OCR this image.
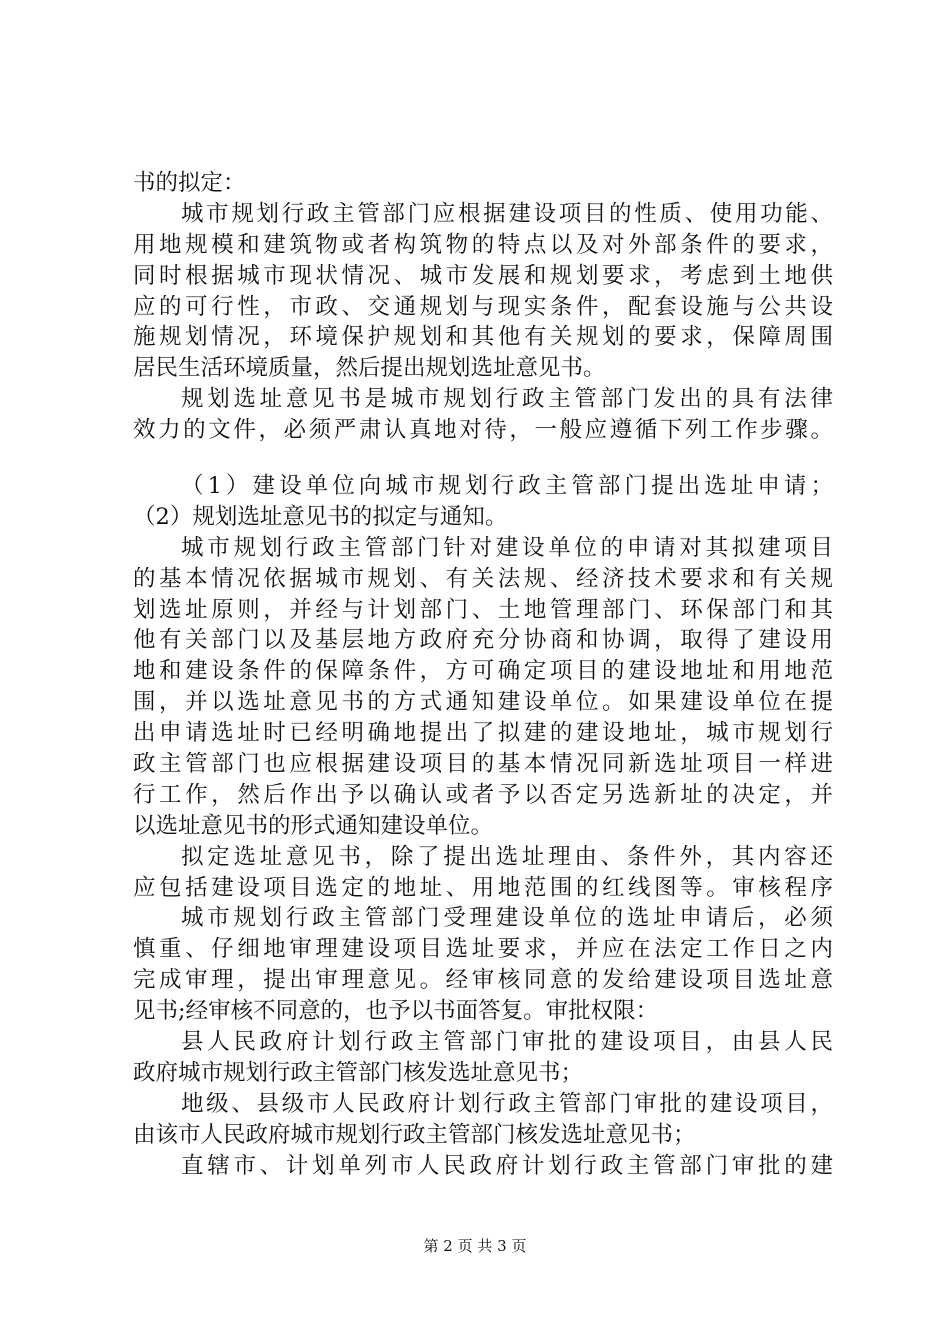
书的拟定：
城市规划行政主管部门应根据建设项目的性质、使用功能、
用地规模和建筑物或者构筑物的特点以及对外部条件的要求，
同时根据城市现状情况、城市发展和规划要求，考虑到土地供
应的可行性，市政、交通规划与现实条件，配套设施与公共设
施规划情况，环境保护规划和其他有关规划的要求，保障周围
居民生活环境质量，然后提出规划选址意见书。
规划选址意见书是城市规划行政主管部门发出的具有法律
效力的文件，必须严肃认真地对待，一般应遵循下列工作步骤。
（1）建设单位向城市规划行政主管部门提出选址申请；
（2）规划选址意见书的拟定与通知。
城市规划行政主管部门针对建设单位的申请对其拟建项目
的基本情况依据城市规划、有关法规、经济技术要求和有关规
划选址原则，并经与计划部门、土地管理部门、环保部门和其
他有关部门以及基层地方政府充分协商和协调，取得了建设用
地和建设条件的保障条件，方可确定项目的建设地址和用地范
围，并以选址意见书的方式通知建设单位。如果建设单位在提
出申请选址时已经明确地提出了拟建的建设地址，城市规划行
政主管部门也应根据建设项目的基本情况同新选址项目一样进
行工作，然后作出予以确认或者予以否定另选新址的决定，并
以选址意见书的形式通知建设单位。
拟定选址意见书，除了提出选址理由、条件外，其内容还
应包括建设项目选定的地址、用地范围的红线图等。审核程序
城市规划行政主管部门受理建设单位的选址申请后，必须
慎重、仔细地审理建设项目选址要求，并应在法定工作日之内
完成审理，提出审理意见。经审核同意的发给建设项目选址意
见书;经审核不同意的，也予以书面答复。审批权限：
县人民政府计划行政主管部门审批的建设项目，由县人民
政府城市规划行政主管部门核发选址意见书；
地级、县级市人民政府计划行政主管部门审批的建设项目，
由该市人民政府城市规划行政主管部门核发选址意见书；
直辖市、计划单列市人民政府计划行政主管部门审批的建
第 2 页 共 3 页
